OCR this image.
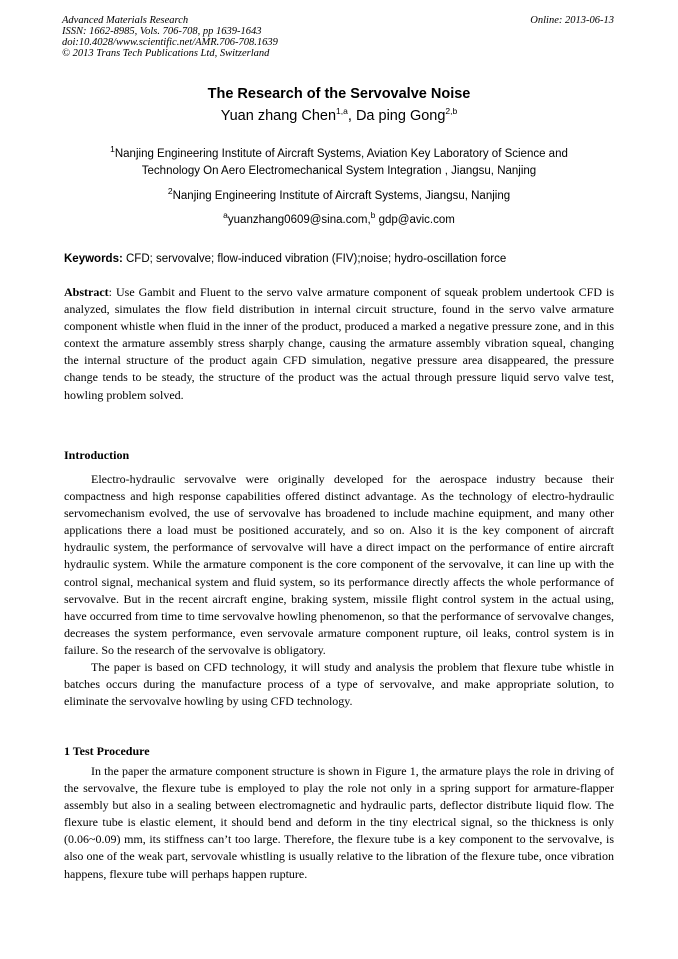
Advanced Materials Research
ISSN: 1662-8985, Vols. 706-708, pp 1639-1643
doi:10.4028/www.scientific.net/AMR.706-708.1639
© 2013 Trans Tech Publications Ltd, Switzerland
Online: 2013-06-13
The Research of the Servovalve Noise
Yuan zhang Chen$^{1,a}$, Da ping Gong$^{2,b}$
$^1$Nanjing Engineering Institute of Aircraft Systems, Aviation Key Laboratory of Science and
Technology On Aero Electromechanical System Integration , Jiangsu, Nanjing
$^2$Nanjing Engineering Institute of Aircraft Systems, Jiangsu, Nanjing
$^a$yuanzhang0609@sina.com,$^b$ gdp@avic.com
Keywords: CFD; servovalve; flow-induced vibration (FIV);noise; hydro-oscillation force
Abstract: Use Gambit and Fluent to the servo valve armature component of squeak problem undertook CFD is analyzed, simulates the flow field distribution in internal circuit structure, found in the servo valve armature component whistle when fluid in the inner of the product, produced a marked a negative pressure zone, and in this context the armature assembly stress sharply change, causing the armature assembly vibration squeal, changing the internal structure of the product again CFD simulation, negative pressure area disappeared, the pressure change tends to be steady, the structure of the product was the actual through pressure liquid servo valve test, howling problem solved.
Introduction

Electro-hydraulic servovalve were originally developed for the aerospace industry because their compactness and high response capabilities offered distinct advantage. As the technology of electro-hydraulic servomechanism evolved, the use of servovalve has broadened to include machine equipment, and many other applications there a load must be positioned accurately, and so on. Also it is the key component of aircraft hydraulic system, the performance of servovalve will have a direct impact on the performance of entire aircraft hydraulic system. While the armature component is the core component of the servovalve, it can line up with the control signal, mechanical system and fluid system, so its performance directly affects the whole performance of servovalve. But in the recent aircraft engine, braking system, missile flight control system in the actual using, have occurred from time to time servovalve howling phenomenon, so that the performance of servovalve changes, decreases the system performance, even servovale armature component rupture, oil leaks, control system is in failure. So the research of the servovalve is obligatory.

The paper is based on CFD technology, it will study and analysis the problem that flexure tube whistle in batches occurs during the manufacture process of a type of servovalve, and make appropriate solution, to eliminate the servovalve howling by using CFD technology.

1 Test Procedure

In the paper the armature component structure is shown in Figure 1, the armature plays the role in driving of the servovalve, the flexure tube is employed to play the role not only in a spring support for armature-flapper assembly but also in a sealing between electromagnetic and hydraulic parts, deflector distribute liquid flow. The flexure tube is elastic element, it should bend and deform in the tiny electrical signal, so the thickness is only (0.06~0.09) mm, its stiffness can’t too large. Therefore, the flexure tube is a key component to the servovalve, is also one of the weak part, servovale whistling is usually relative to the libration of the flexure tube, once vibration happens, flexure tube will perhaps happen rupture.
